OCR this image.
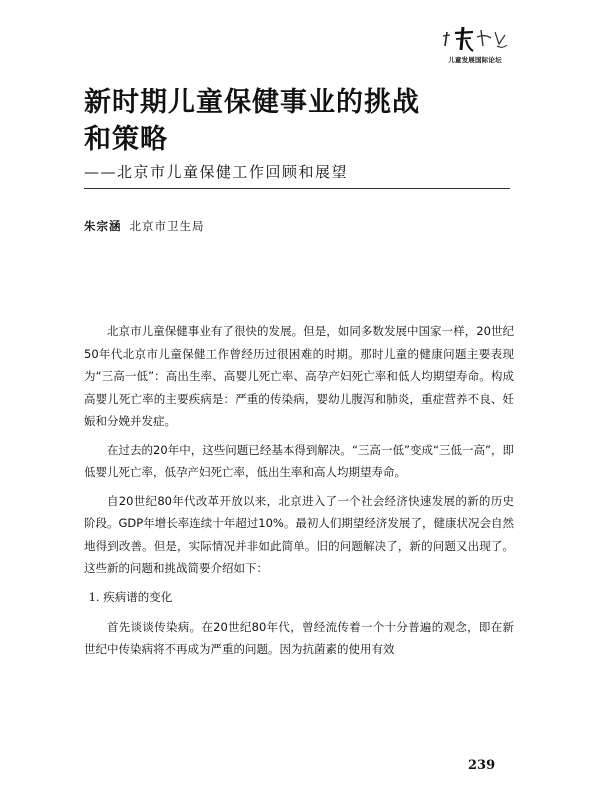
儿童发展国际论坛
新时期儿童保健事业的挑战
和策略
——北京市儿童保健工作回顾和展望
朱宗涵 北京市卫生局

北京市儿童保健事业有了很快的发展。但是，如同多数发展中国家一样，20世纪50年代北京市儿童保健工作曾经历过很困难的时期。那时儿童的健康问题主要表现为“三高一低”：高出生率、高婴儿死亡率、高孕产妇死亡率和低人均期望寿命。构成高婴儿死亡率的主要疾病是：严重的传染病，婴幼儿腹泻和肺炎，重症营养不良、妊娠和分娩并发症。

在过去的20年中，这些问题已经基本得到解决。“三高一低”变成“三低一高”，即低婴儿死亡率，低孕产妇死亡率，低出生率和高人均期望寿命。

自20世纪80年代改革开放以来，北京进入了一个社会经济快速发展的新的历史阶段。GDP年增长率连续十年超过10%。最初人们期望经济发展了，健康状况会自然地得到改善。但是，实际情况并非如此简单。旧的问题解决了，新的问题又出现了。这些新的问题和挑战简要介绍如下：

1. 疾病谱的变化

首先谈谈传染病。在20世纪80年代，曾经流传着一个十分普遍的观念，即在新世纪中传染病将不再成为严重的问题。因为抗菌素的使用有效

239
